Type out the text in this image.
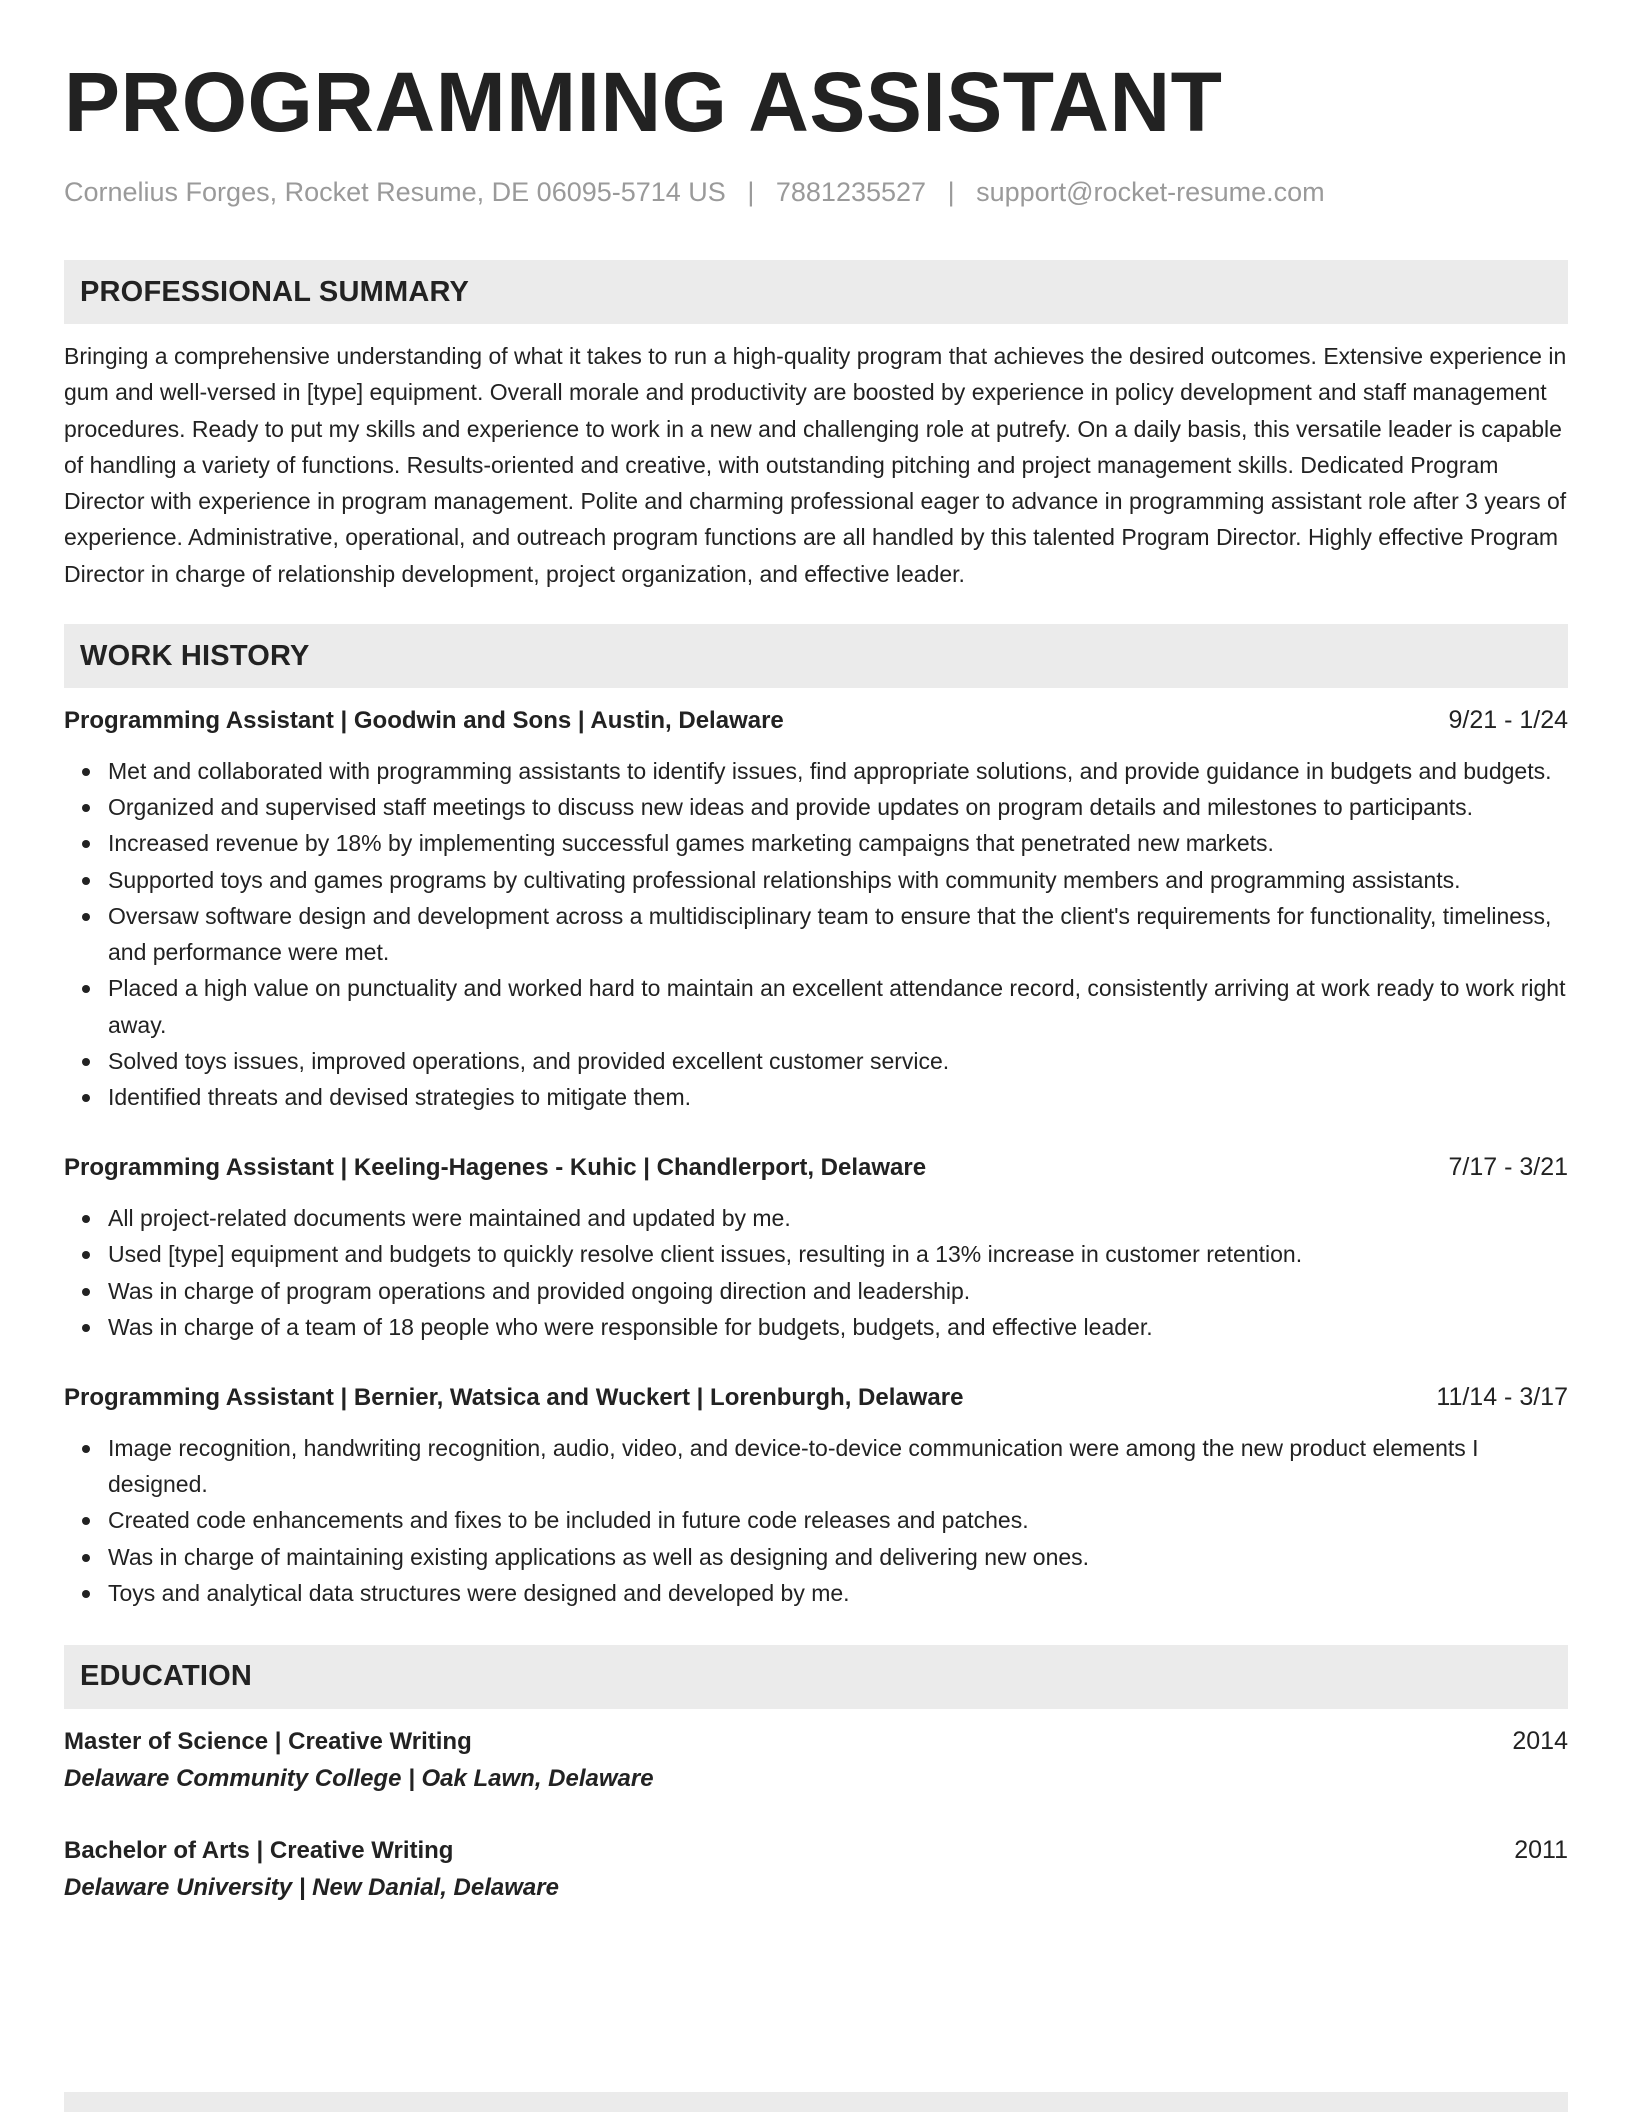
PROGRAMMING ASSISTANT
Cornelius Forges, Rocket Resume, DE 06095-5714 US | 7881235527 | support@rocket-resume.com
PROFESSIONAL SUMMARY
Bringing a comprehensive understanding of what it takes to run a high-quality program that achieves the desired outcomes. Extensive experience in gum and well-versed in [type] equipment. Overall morale and productivity are boosted by experience in policy development and staff management procedures. Ready to put my skills and experience to work in a new and challenging role at putrefy. On a daily basis, this versatile leader is capable of handling a variety of functions. Results-oriented and creative, with outstanding pitching and project management skills. Dedicated Program Director with experience in program management. Polite and charming professional eager to advance in programming assistant role after 3 years of experience. Administrative, operational, and outreach program functions are all handled by this talented Program Director. Highly effective Program Director in charge of relationship development, project organization, and effective leader.
WORK HISTORY
Programming Assistant | Goodwin and Sons | Austin, Delaware	9/21 - 1/24
Met and collaborated with programming assistants to identify issues, find appropriate solutions, and provide guidance in budgets and budgets.
Organized and supervised staff meetings to discuss new ideas and provide updates on program details and milestones to participants.
Increased revenue by 18% by implementing successful games marketing campaigns that penetrated new markets.
Supported toys and games programs by cultivating professional relationships with community members and programming assistants.
Oversaw software design and development across a multidisciplinary team to ensure that the client's requirements for functionality, timeliness, and performance were met.
Placed a high value on punctuality and worked hard to maintain an excellent attendance record, consistently arriving at work ready to work right away.
Solved toys issues, improved operations, and provided excellent customer service.
Identified threats and devised strategies to mitigate them.
Programming Assistant | Keeling-Hagenes - Kuhic | Chandlerport, Delaware	7/17 - 3/21
All project-related documents were maintained and updated by me.
Used [type] equipment and budgets to quickly resolve client issues, resulting in a 13% increase in customer retention.
Was in charge of program operations and provided ongoing direction and leadership.
Was in charge of a team of 18 people who were responsible for budgets, budgets, and effective leader.
Programming Assistant | Bernier, Watsica and Wuckert | Lorenburgh, Delaware	11/14 - 3/17
Image recognition, handwriting recognition, audio, video, and device-to-device communication were among the new product elements I designed.
Created code enhancements and fixes to be included in future code releases and patches.
Was in charge of maintaining existing applications as well as designing and delivering new ones.
Toys and analytical data structures were designed and developed by me.
EDUCATION
Master of Science | Creative Writing	2014
Delaware Community College | Oak Lawn, Delaware
Bachelor of Arts | Creative Writing	2011
Delaware University | New Danial, Delaware
